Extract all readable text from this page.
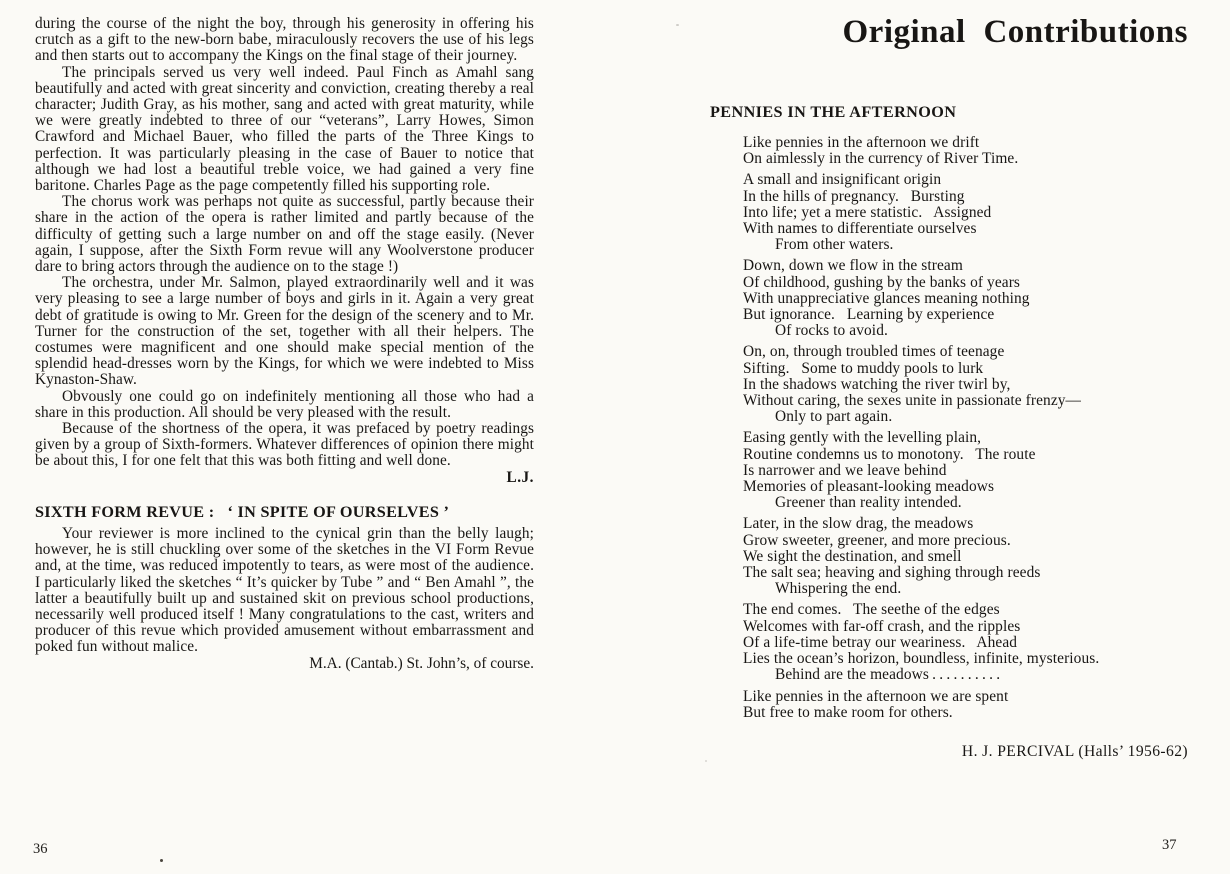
during the course of the night the boy, through his generosity in offering his crutch as a gift to the new-born babe, miraculously recovers the use of his legs and then starts out to accompany the Kings on the final stage of their journey.

The principals served us very well indeed. Paul Finch as Amahl sang beautifully and acted with great sincerity and conviction, creating thereby a real character; Judith Gray, as his mother, sang and acted with great maturity, while we were greatly indebted to three of our “veterans”, Larry Howes, Simon Crawford and Michael Bauer, who filled the parts of the Three Kings to perfection. It was particularly pleasing in the case of Bauer to notice that although we had lost a beautiful treble voice, we had gained a very fine baritone. Charles Page as the page competently filled his supporting role.

The chorus work was perhaps not quite as successful, partly because their share in the action of the opera is rather limited and partly because of the difficulty of getting such a large number on and off the stage easily. (Never again, I suppose, after the Sixth Form revue will any Woolverstone producer dare to bring actors through the audience on to the stage !)

The orchestra, under Mr. Salmon, played extraordinarily well and it was very pleasing to see a large number of boys and girls in it. Again a very great debt of gratitude is owing to Mr. Green for the design of the scenery and to Mr. Turner for the construction of the set, together with all their helpers. The costumes were magnificent and one should make special mention of the splendid head-dresses worn by the Kings, for which we were indebted to Miss Kynaston-Shaw.

Obvously one could go on indefinitely mentioning all those who had a share in this production. All should be very pleased with the result.

Because of the shortness of the opera, it was prefaced by poetry readings given by a group of Sixth-formers. Whatever differences of opinion there might be about this, I for one felt that this was both fitting and well done.

L.J.
SIXTH FORM REVUE :   ‘ IN SPITE OF OURSELVES ’

Your reviewer is more inclined to the cynical grin than the belly laugh; however, he is still chuckling over some of the sketches in the VI Form Revue and, at the time, was reduced impotently to tears, as were most of the audience. I particularly liked the sketches “ It’s quicker by Tube ” and “ Ben Amahl ”, the latter a beautifully built up and sustained skit on previous school productions, necessarily well produced itself ! Many congratulations to the cast, writers and producer of this revue which provided amusement without embarrassment and poked fun without malice.

M.A. (Cantab.) St. John’s, of course.
Original Contributions
PENNIES IN THE AFTERNOON
Like pennies in the afternoon we drift
On aimlessly in the currency of River Time.
A small and insignificant origin
In the hills of pregnancy.   Bursting
Into life; yet a mere statistic.   Assigned
With names to differentiate ourselves
From other waters.
Down, down we flow in the stream
Of childhood, gushing by the banks of years
With unappreciative glances meaning nothing
But ignorance.   Learning by experience
Of rocks to avoid.
On, on, through troubled times of teenage
Sifting.   Some to muddy pools to lurk
In the shadows watching the river twirl by,
Without caring, the sexes unite in passionate frenzy—
Only to part again.
Easing gently with the levelling plain,
Routine condemns us to monotony.   The route
Is narrower and we leave behind
Memories of pleasant-looking meadows
Greener than reality intended.
Later, in the slow drag, the meadows
Grow sweeter, greener, and more precious.
We sight the destination, and smell
The salt sea; heaving and sighing through reeds
Whispering the end.
The end comes.   The seethe of the edges
Welcomes with far-off crash, and the ripples
Of a life-time betray our weariness.   Ahead
Lies the ocean’s horizon, boundless, infinite, mysterious.
Behind are the meadows . . . . . . . . . .
Like pennies in the afternoon we are spent
But free to make room for others.
H. J. PERCIVAL (Halls’ 1956-62)
36	37
